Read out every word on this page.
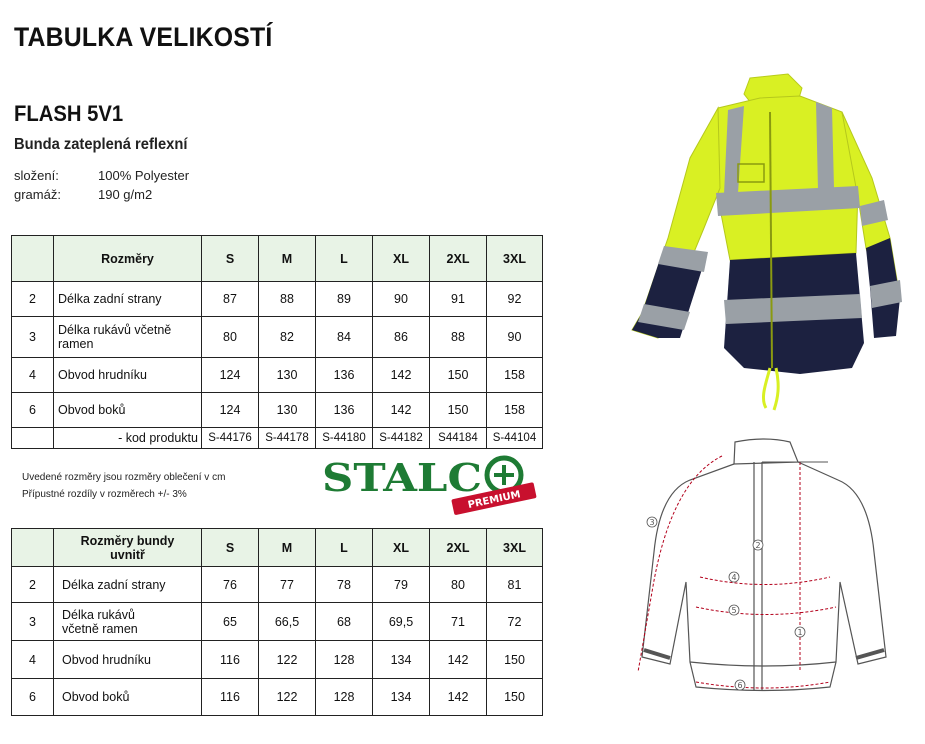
TABULKA VELIKOSTÍ
FLASH 5V1
Bunda zateplená reflexní
složení:	100% Polyester
gramáž:	190 g/m2
	Rozměry	S	M	L	XL	2XL	3XL
2	Délka zadní strany	87	88	89	90	91	92
3	Délka rukávů včetně ramen	80	82	84	86	88	90
4	Obvod hrudníku	124	130	136	142	150	158
6	Obvod boků	124	130	136	142	150	158
	- kod produktu	S-44176	S-44178	S-44180	S-44182	S44184	S-44104
Uvedené rozměry jsou rozměry oblečení v cm
Přípustné rozdíly v rozměrech +/- 3%	STALC
PREMIUM
	Rozměry bundy uvnitř	S	M	L	XL	2XL	3XL
2	Délka zadní strany	76	77	78	79	80	81
3	Délka rukávů včetně ramen	65	66,5	68	69,5	71	72
4	Obvod hrudníku	116	122	128	134	142	150
6	Obvod boků	116	122	128	134	142	150
1
2
3
4
5
6
